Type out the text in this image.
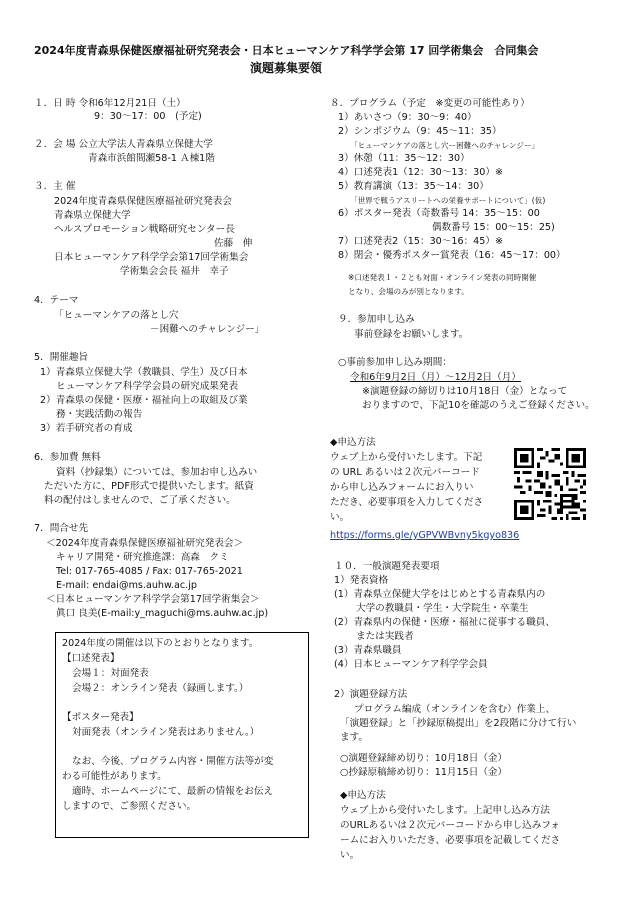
2024年度青森県保健医療福祉研究発表会・日本ヒューマンケア科学学会第 17 回学術集会　合同集会
演題募集要領
１．日 時 令和6年12月21日（土）
9：30～17：00　(予定)
２．会 場 公立大学法人青森県立保健大学
青森市浜館間瀬58-1 Ａ棟1階
３．主 催
2024年度青森県保健医療福祉研究発表会
青森県立保健大学
ヘルスプロモーション戦略研究センター長
佐藤　伸
日本ヒューマンケア科学学会第17回学術集会
学術集会会長 福井　幸子
4．テーマ
「ヒューマンケアの落とし穴
－困難へのチャレンジー」
5．開催趣旨
1）青森県立保健大学（教職員、学生）及び日本
ヒューマンケア科学学会員の研究成果発表
2）青森県の保健・医療・福祉向上の取組及び業
務・実践活動の報告
3）若手研究者の育成
6．参加費 無料
資料（抄録集）については、参加お申し込みい
ただいた方に、PDF形式で提供いたします。紙資
料の配付はしませんので、ご了承ください。
7．問合せ先
＜2024年度青森県保健医療福祉研究発表会＞
キャリア開発・研究推進課：高森　クミ
Tel: 017-765-4085 / Fax: 017-765-2021
E-mail: endai@ms.auhw.ac.jp
＜日本ヒューマンケア科学学会第17回学術集会＞
眞口 良美(E-mail:y_maguchi@ms.auhw.ac.jp)
2024年度の開催は以下のとおりとなります。
【口述発表】
会場１：対面発表
会場２：オンライン発表（録画します。）
【ポスター発表】
対面発表（オンライン発表はありません。）
なお、今後、プログラム内容・開催方法等が変
わる可能性があります。
適時、ホームページにて、最新の情報をお伝え
しますので、ご参照ください。
８．プログラム（予定　※変更の可能性あり）
1）あいさつ（9：30～9：40）
2）シンポジウム（9：45～11：35）
「ヒューマンケアの落とし穴ー困難へのチャレンジー」
3）休憩（11：35～12：30）
4）口述発表1（12：30～13：30）※
5）教育講演（13：35～14：30）
「世界で戦うアスリートへの栄養サポートについて」(仮)
6）ポスター発表（奇数番号 14：35～15：00
偶数番号 15：00～15：25)
7）口述発表2（15：30～16：45）※
8）閉会・優秀ポスター賞発表（16：45～17：00）
※口述発表１・２とも対面・オンライン発表の同時開催
となり、会場のみが別となります。
９．参加申し込み
事前登録をお願いします。
○事前参加申し込み期間：
令和6年9月2日（月）～12月2日（月）
※演題登録の締切りは10月18日（金）となって
おりますので、下記10を確認のうえご登録ください。
◆申込方法
ウェブ上から受付いたします。下記
の URL あるいは２次元バーコード
から申し込みフォームにお入りい
ただき、必要事項を入力してくださ
い。
https://forms.gle/yGPVWBvny5kgyo836
１０．一般演題発表要項
1）発表資格
(1）青森県立保健大学をはじめとする青森県内の
大学の教職員・学生・大学院生・卒業生
(2）青森県内の保健・医療・福祉に従事する職員、
または実践者
(3）青森県職員
(4）日本ヒューマンケア科学学会員
2）演題登録方法
プログラム編成（オンラインを含む）作業上、
「演題登録」と「抄録原稿提出」を2段階に分けて行い
ます。
○演題登録締め切り：10月18日（金）
○抄録原稿締め切り：11月15日（金）
◆申込方法
ウェブ上から受付いたします。上記申し込み方法
のURLあるいは２次元バーコードから申し込みフォ
ームにお入りいただき、必要事項を記載してくださ
い。
